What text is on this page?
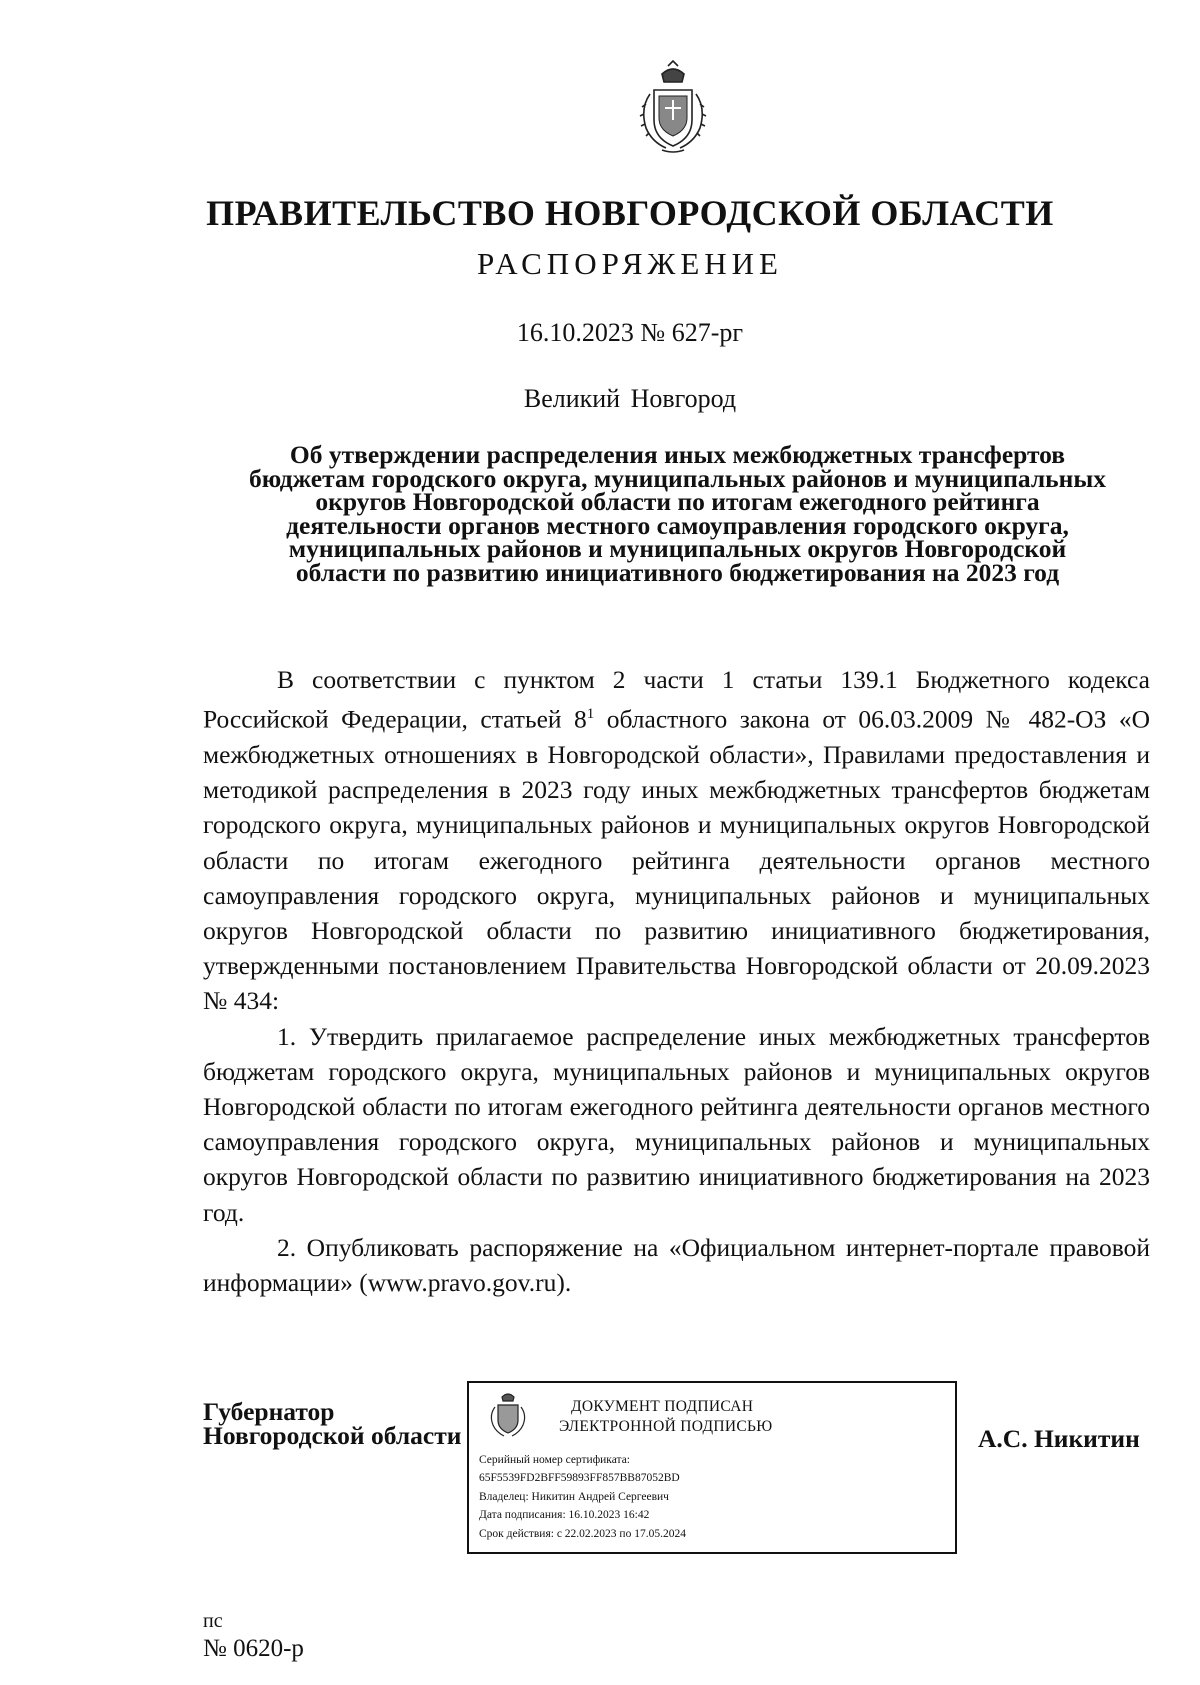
ПРАВИТЕЛЬСТВО НОВГОРОДСКОЙ ОБЛАСТИ
РАСПОРЯЖЕНИЕ
16.10.2023 № 627-рг
Великий Новгород
Об утверждении распределения иных межбюджетных трансфертов
бюджетам городского округа, муниципальных районов и муниципальных
округов Новгородской области по итогам ежегодного рейтинга
деятельности органов местного самоуправления городского округа,
муниципальных районов и муниципальных округов Новгородской
области по развитию инициативного бюджетирования на 2023 год

В соответствии с пунктом 2 части 1 статьи 139.1 Бюджетного кодекса Российской Федерации, статьей $8^1$ областного закона от 06.03.2009 № 482-ОЗ «О межбюджетных отношениях в Новгородской области», Правилами предоставления и методикой распределения в 2023 году иных межбюджетных трансфертов бюджетам городского округа, муниципальных районов и муниципальных округов Новгородской области по итогам ежегодного рейтинга деятельности органов местного самоуправления городского округа, муниципальных районов и муниципальных округов Новгородской области по развитию инициативного бюджетирования, утвержденными постановлением Правительства Новгородской области от 20.09.2023 № 434:

1. Утвердить прилагаемое распределение иных межбюджетных трансфертов бюджетам городского округа, муниципальных районов и муниципальных округов Новгородской области по итогам ежегодного рейтинга деятельности органов местного самоуправления городского округа, муниципальных районов и муниципальных округов Новгородской области по развитию инициативного бюджетирования на 2023 год.

2. Опубликовать распоряжение на «Официальном интернет-портале правовой информации» (www.pravo.gov.ru).

Губернатор
Новгородской области
ДОКУМЕНТ ПОДПИСАН
ЭЛЕКТРОННОЙ ПОДПИСЬЮ
Серийный номер сертификата:
65F5539FD2BFF59893FF857BB87052BD
Владелец: Никитин Андрей Сергеевич
Дата подписания: 16.10.2023 16:42
Срок действия: с 22.02.2023 по 17.05.2024
А.С. Никитин
пс
№ 0620-р
